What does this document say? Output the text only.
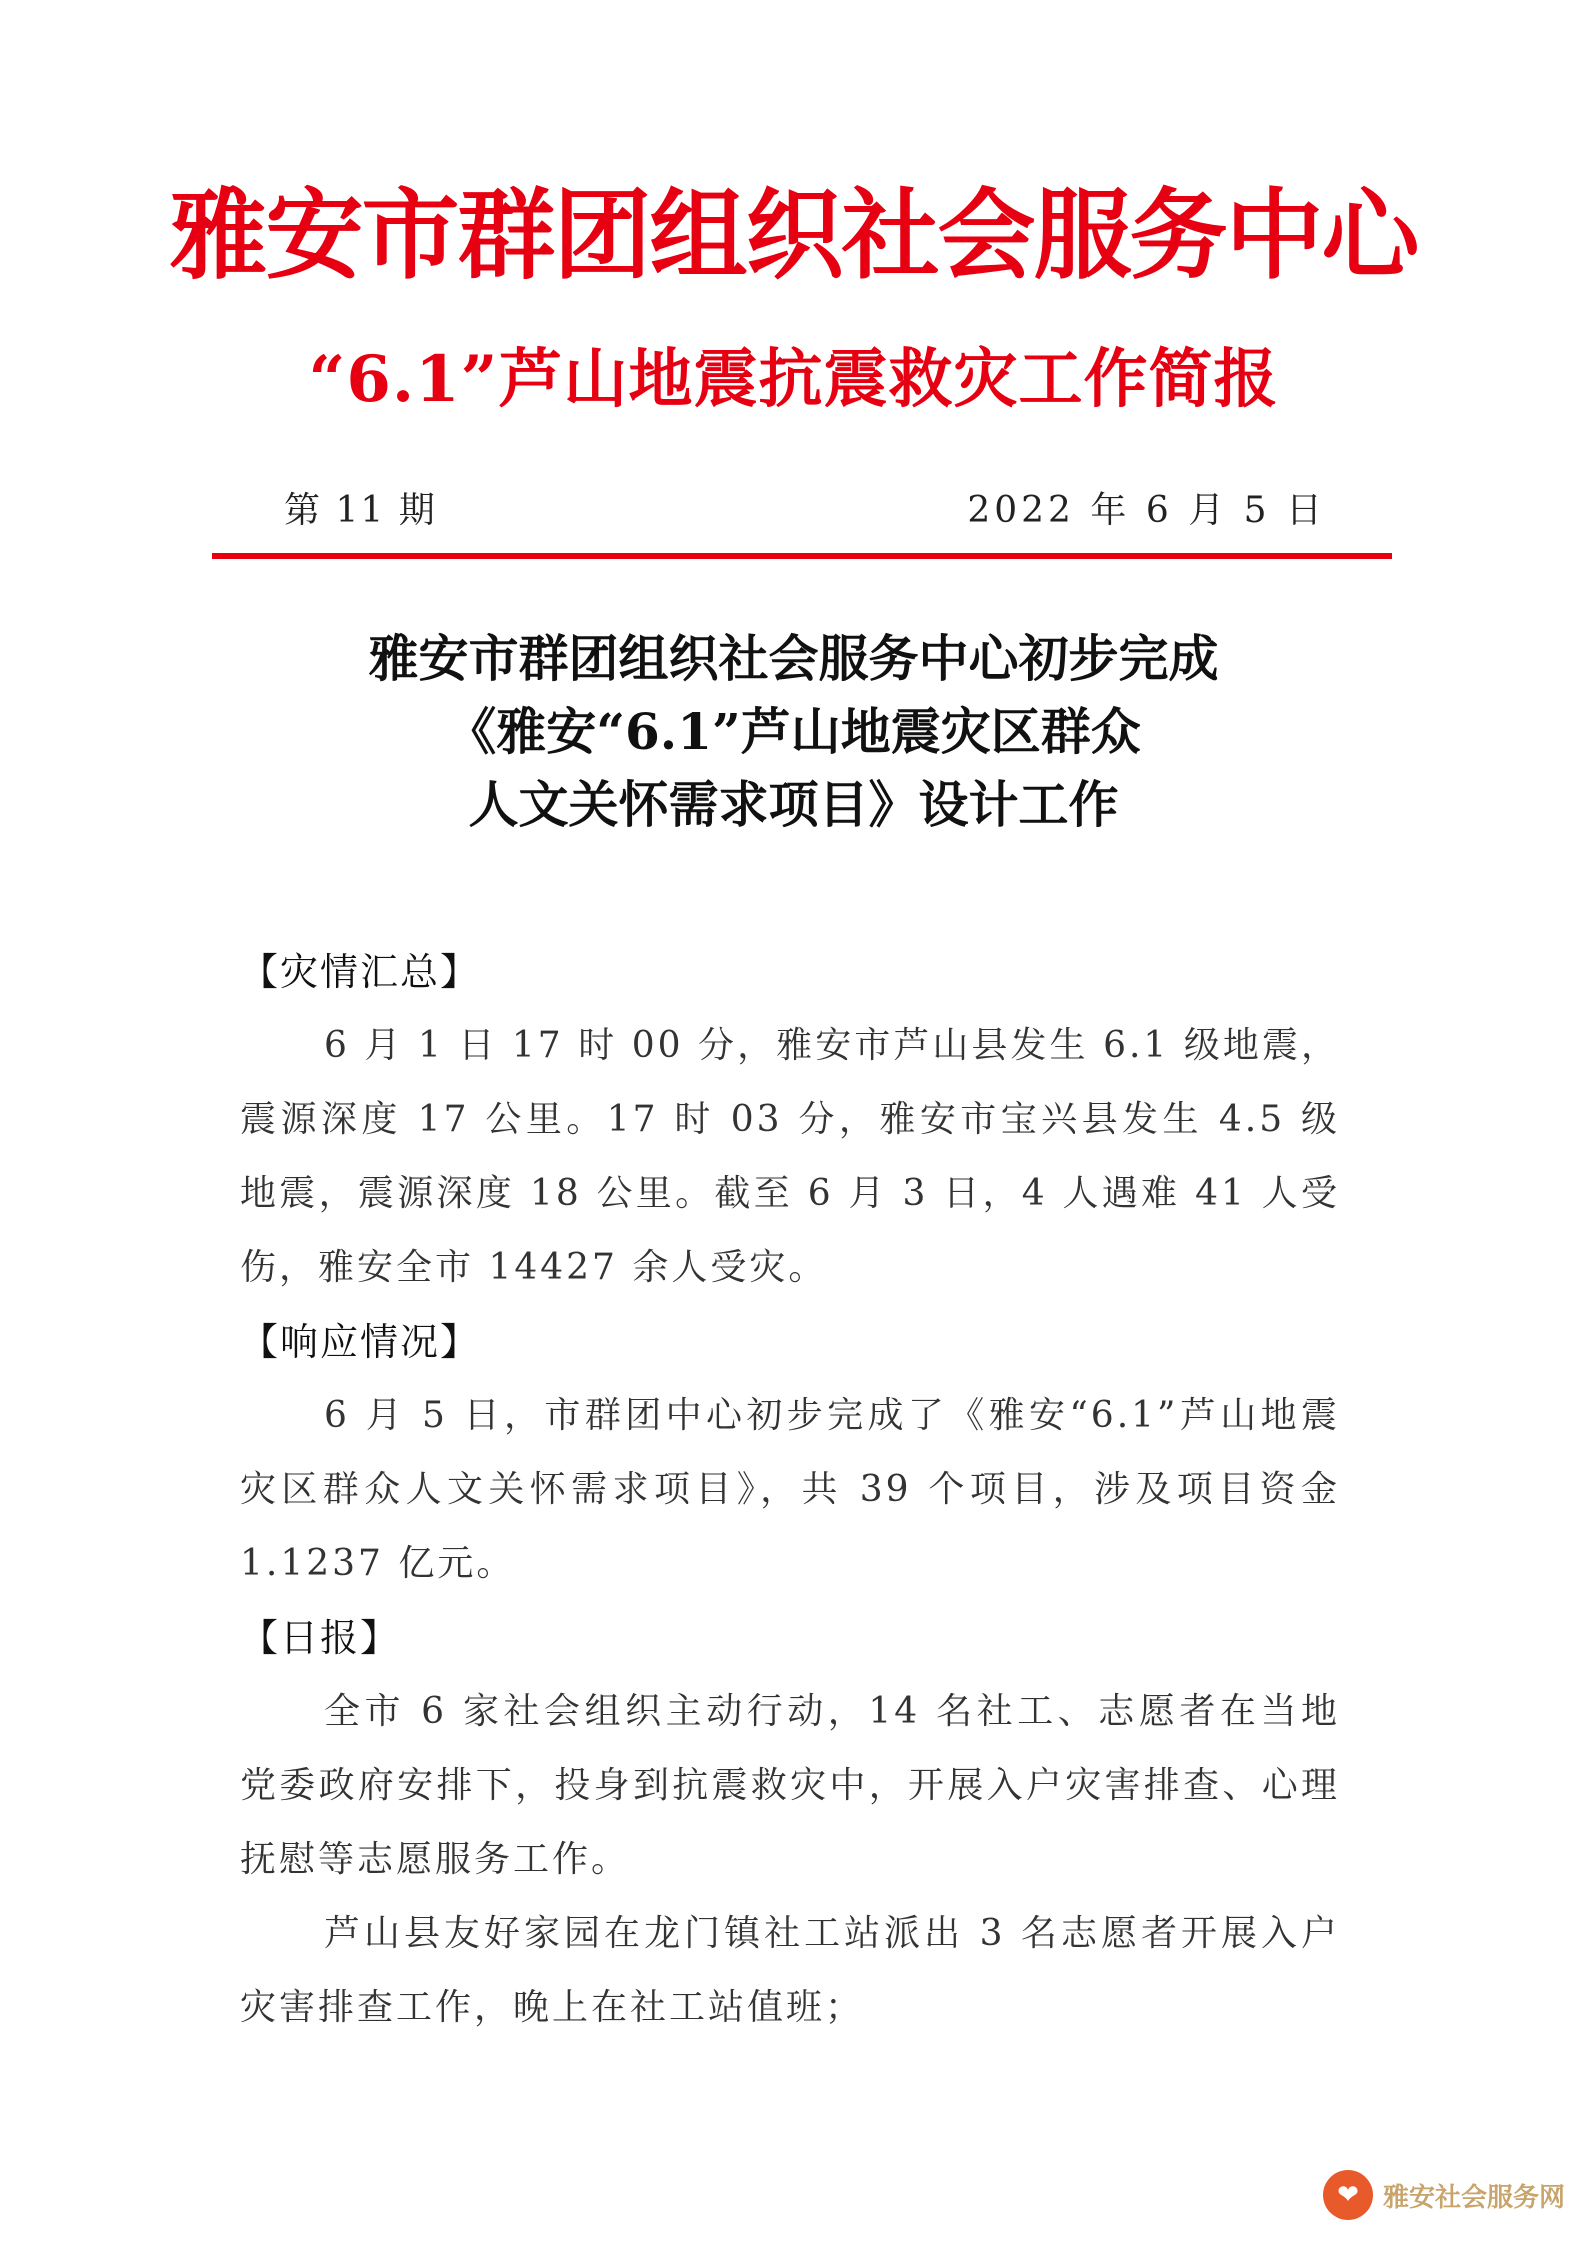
雅安市群团组织社会服务中心
“6.1”芦山地震抗震救灾工作简报
第 11 期	2022 年 6 月 5 日
雅安市群团组织社会服务中心初步完成
《雅安“6.1”芦山地震灾区群众
人文关怀需求项目》设计工作
【灾情汇总】
6 月 1 日 17 时 00 分，雅安市芦山县发生 6.1 级地震，震源深度 17 公里。17 时 03 分，雅安市宝兴县发生 4.5 级地震，震源深度 18 公里。截至 6 月 3 日，4 人遇难 41 人受伤，雅安全市 14427 余人受灾。
【响应情况】
6 月 5 日，市群团中心初步完成了《雅安“6.1”芦山地震灾区群众人文关怀需求项目》，共 39 个项目，涉及项目资金 1.1237 亿元。
【日报】
全市 6 家社会组织主动行动，14 名社工、志愿者在当地党委政府安排下，投身到抗震救灾中，开展入户灾害排查、心理抚慰等志愿服务工作。
芦山县友好家园在龙门镇社工站派出 3 名志愿者开展入户灾害排查工作，晚上在社工站值班；
❤ 雅安社会服务网
